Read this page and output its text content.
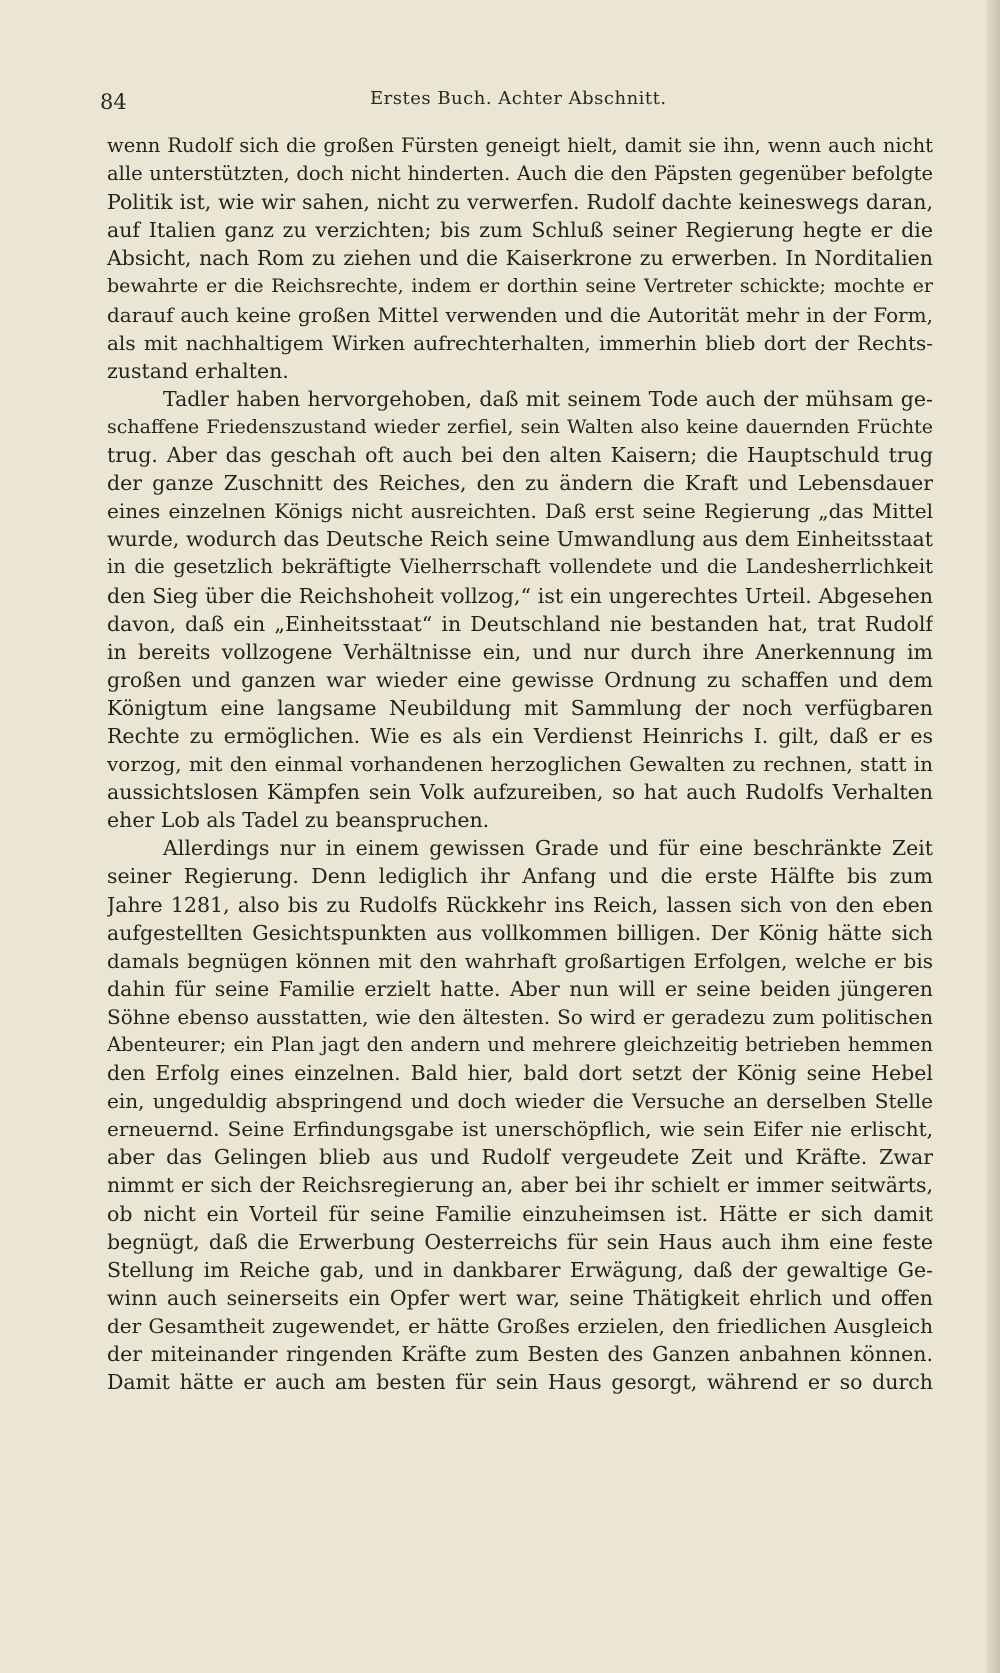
84	Erstes Buch. Achter Abschnitt.
wenn Rudolf sich die großen Fürsten geneigt hielt, damit sie ihn, wenn auch nicht
alle unterstützten, doch nicht hinderten. Auch die den Päpsten gegenüber befolgte
Politik ist, wie wir sahen, nicht zu verwerfen. Rudolf dachte keineswegs daran,
auf Italien ganz zu verzichten; bis zum Schluß seiner Regierung hegte er die
Absicht, nach Rom zu ziehen und die Kaiserkrone zu erwerben. In Norditalien
bewahrte er die Reichsrechte, indem er dorthin seine Vertreter schickte; mochte er
darauf auch keine großen Mittel verwenden und die Autorität mehr in der Form,
als mit nachhaltigem Wirken aufrechterhalten, immerhin blieb dort der Rechts-
zustand erhalten.
Tadler haben hervorgehoben, daß mit seinem Tode auch der mühsam ge-
schaffene Friedenszustand wieder zerfiel, sein Walten also keine dauernden Früchte
trug. Aber das geschah oft auch bei den alten Kaisern; die Hauptschuld trug
der ganze Zuschnitt des Reiches, den zu ändern die Kraft und Lebensdauer
eines einzelnen Königs nicht ausreichten. Daß erst seine Regierung „das Mittel
wurde, wodurch das Deutsche Reich seine Umwandlung aus dem Einheitsstaat
in die gesetzlich bekräftigte Vielherrschaft vollendete und die Landesherrlichkeit
den Sieg über die Reichshoheit vollzog,“ ist ein ungerechtes Urteil. Abgesehen
davon, daß ein „Einheitsstaat“ in Deutschland nie bestanden hat, trat Rudolf
in bereits vollzogene Verhältnisse ein, und nur durch ihre Anerkennung im
großen und ganzen war wieder eine gewisse Ordnung zu schaffen und dem
Königtum eine langsame Neubildung mit Sammlung der noch verfügbaren
Rechte zu ermöglichen. Wie es als ein Verdienst Heinrichs I. gilt, daß er es
vorzog, mit den einmal vorhandenen herzoglichen Gewalten zu rechnen, statt in
aussichtslosen Kämpfen sein Volk aufzureiben, so hat auch Rudolfs Verhalten
eher Lob als Tadel zu beanspruchen.
Allerdings nur in einem gewissen Grade und für eine beschränkte Zeit
seiner Regierung. Denn lediglich ihr Anfang und die erste Hälfte bis zum
Jahre 1281, also bis zu Rudolfs Rückkehr ins Reich, lassen sich von den eben
aufgestellten Gesichtspunkten aus vollkommen billigen. Der König hätte sich
damals begnügen können mit den wahrhaft großartigen Erfolgen, welche er bis
dahin für seine Familie erzielt hatte. Aber nun will er seine beiden jüngeren
Söhne ebenso ausstatten, wie den ältesten. So wird er geradezu zum politischen
Abenteurer; ein Plan jagt den andern und mehrere gleichzeitig betrieben hemmen
den Erfolg eines einzelnen. Bald hier, bald dort setzt der König seine Hebel
ein, ungeduldig abspringend und doch wieder die Versuche an derselben Stelle
erneuernd. Seine Erfindungsgabe ist unerschöpflich, wie sein Eifer nie erlischt,
aber das Gelingen blieb aus und Rudolf vergeudete Zeit und Kräfte. Zwar
nimmt er sich der Reichsregierung an, aber bei ihr schielt er immer seitwärts,
ob nicht ein Vorteil für seine Familie einzuheimsen ist. Hätte er sich damit
begnügt, daß die Erwerbung Oesterreichs für sein Haus auch ihm eine feste
Stellung im Reiche gab, und in dankbarer Erwägung, daß der gewaltige Ge-
winn auch seinerseits ein Opfer wert war, seine Thätigkeit ehrlich und offen
der Gesamtheit zugewendet, er hätte Großes erzielen, den friedlichen Ausgleich
der miteinander ringenden Kräfte zum Besten des Ganzen anbahnen können.
Damit hätte er auch am besten für sein Haus gesorgt, während er so durch
